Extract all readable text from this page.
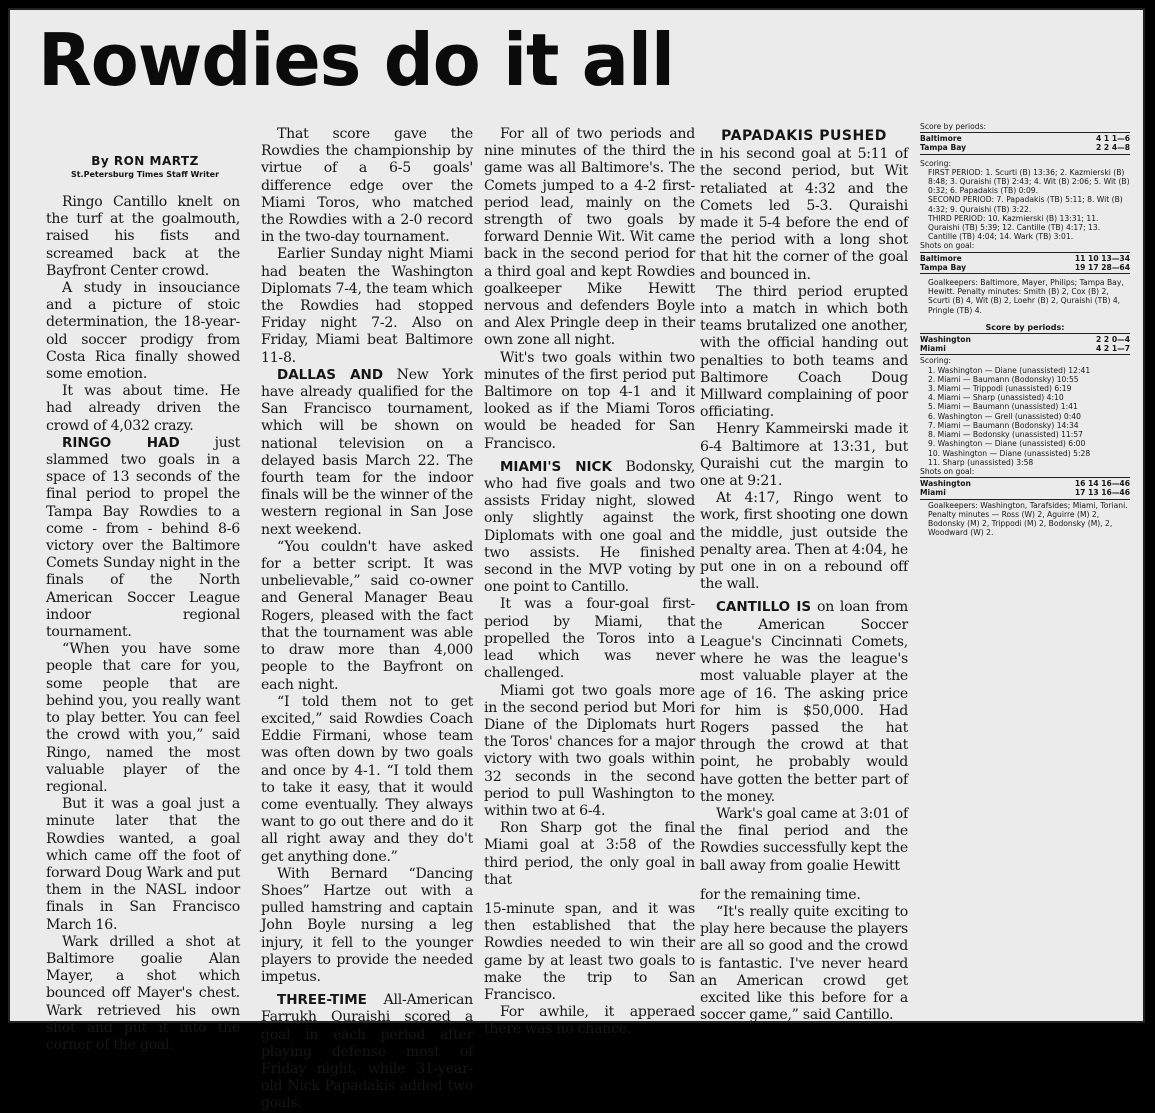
Rowdies do it all
By RON MARTZ
St.Petersburg Times Staff Writer

Ringo Cantillo knelt on the turf at the goalmouth, raised his fists and screamed back at the Bayfront Center crowd.

A study in insouciance and a picture of stoic determination, the 18-year-old soccer prodigy from Costa Rica finally showed some emotion.

It was about time. He had already driven the crowd of 4,032 crazy.

RINGO HAD just slammed two goals in a space of 13 seconds of the final period to propel the Tampa Bay Rowdies to a come - from - behind 8-6 victory over the Baltimore Comets Sunday night in the finals of the North American Soccer League indoor regional tournament.

“When you have some people that care for you, some people that are behind you, you really want to play better. You can feel the crowd with you,” said Ringo, named the most valuable player of the regional.

But it was a goal just a minute later that the Rowdies wanted, a goal which came off the foot of forward Doug Wark and put them in the NASL indoor finals in San Francisco March 16.

Wark drilled a shot at Baltimore goalie Alan Mayer, a shot which bounced off Mayer's chest. Wark retrieved his own shot and put it into the corner of the goal.

That score gave the Rowdies the championship by virtue of a 6-5 goals' difference edge over the Miami Toros, who matched the Rowdies with a 2-0 record in the two-day tournament.

Earlier Sunday night Miami had beaten the Washington Diplomats 7-4, the team which the Rowdies had stopped Friday night 7-2. Also on Friday, Miami beat Baltimore 11-8.

DALLAS AND New York have already qualified for the San Francisco tournament, which will be shown on national television on a delayed basis March 22. The fourth team for the indoor finals will be the winner of the western regional in San Jose next weekend.

“You couldn't have asked for a better script. It was unbelievable,” said co-owner and General Manager Beau Rogers, pleased with the fact that the tournament was able to draw more than 4,000 people to the Bayfront on each night.

“I told them not to get excited,” said Rowdies Coach Eddie Firmani, whose team was often down by two goals and once by 4-1. “I told them to take it easy, that it would come eventually. They always want to go out there and do it all right away and they do't get anything done.”

With Bernard “Dancing Shoes” Hartze out with a pulled hamstring and captain John Boyle nursing a leg injury, it fell to the younger players to provide the needed impetus.

THREE-TIME All-American Farrukh Quraishi scored a goal in each period after playing defense most of Friday night, while 31-year-old Nick Papadakis added two goals.

For all of two periods and nine minutes of the third the game was all Baltimore's. The Comets jumped to a 4-2 first-period lead, mainly on the strength of two goals by forward Dennie Wit. Wit came back in the second period for a third goal and kept Rowdies goalkeeper Mike Hewitt nervous and defenders Boyle and Alex Pringle deep in their own zone all night.

Wit's two goals within two minutes of the first period put Baltimore on top 4-1 and it looked as if the Miami Toros would be headed for San Francisco.

MIAMI'S NICK Bodonsky, who had five goals and two assists Friday night, slowed only slightly against the Diplomats with one goal and two assists. He finished second in the MVP voting by one point to Cantillo.

It was a four-goal first-period by Miami, that propelled the Toros into a lead which was never challenged.

Miami got two goals more in the second period but Mori Diane of the Diplomats hurt the Toros' chances for a major victory with two goals within 32 seconds in the second period to pull Washington to within two at 6-4.

Ron Sharp got the final Miami goal at 3:58 of the third period, the only goal in that

15-minute span, and it was then established that the Rowdies needed to win their game by at least two goals to make the trip to San Francisco.

For awhile, it apperaed there was no chance.

PAPADAKIS PUSHED

in his second goal at 5:11 of the second period, but Wit retaliated at 4:32 and the Comets led 5-3. Quraishi made it 5-4 before the end of the period with a long shot that hit the corner of the goal and bounced in.

The third period erupted into a match in which both teams brutalized one another, with the official handing out penalties to both teams and Baltimore Coach Doug Millward complaining of poor officiating.

Henry Kammeirski made it 6-4 Baltimore at 13:31, but Quraishi cut the margin to one at 9:21.

At 4:17, Ringo went to work, first shooting one down the middle, just outside the penalty area. Then at 4:04, he put one in on a rebound off the wall.

CANTILLO IS on loan from the American Soccer League's Cincinnati Comets, where he was the league's most valuable player at the age of 16. The asking price for him is $50,000. Had Rogers passed the hat through the crowd at that point, he probably would have gotten the better part of the money.

Wark's goal came at 3:01 of the final period and the Rowdies successfully kept the ball away from goalie Hewitt

for the remaining time.

“It's really quite exciting to play here because the players are all so good and the crowd is fantastic. I've never heard an American crowd get excited like this before for a soccer game,” said Cantillo.

Score by periods:
Baltimore	4 1 1—6
Tampa Bay	2 2 4—8
Scoring:
FIRST PERIOD: 1. Scurti (B) 13:36; 2. Kazmierski (B) 8:48; 3. Quraishi (TB) 2:43; 4. Wit (B) 2:06; 5. Wit (B) 0:32; 6. Papadakis (TB) 0:09.
SECOND PERIOD: 7. Papadakis (TB) 5:11; 8. Wit (B) 4:32; 9. Quraishi (TB) 3:22.
THIRD PERIOD: 10. Kazmierski (B) 13:31; 11. Quraishi (TB) 5:39; 12. Cantille (TB) 4:17; 13. Cantille (TB) 4:04; 14. Wark (TB) 3:01.
Shots on goal:
Baltimore	11 10 13—34
Tampa Bay	19 17 28—64
Goalkeepers: Baltimore, Mayer, Philips; Tampa Bay, Hewitt. Penalty minutes: Smith (B) 2, Cox (B) 2, Scurti (B) 4, Wit (B) 2, Loehr (B) 2, Quraishi (TB) 4, Pringle (TB) 4.
Score by periods:
Washington	2 2 0—4
Miami	4 2 1—7
Scoring:
1. Washington — Diane (unassisted) 12:41
2. Miami — Baumann (Bodonsky) 10:55
3. Miami — Trippodi (unassisted) 6:19
4. Miami — Sharp (unassisted) 4:10
5. Miami — Baumann (unassisted) 1:41
6. Washington — Grell (unassisted) 0:40
7. Miami — Baumann (Bodonsky) 14:34
8. Miami — Bodonsky (unassisted) 11:57
9. Washington — Diane (unassisted) 6:00
10. Washington — Diane (unassisted) 5:28
11. Sharp (unassisted) 3:58
Shots on goal:
Washington	16 14 16—46
Miami	17 13 16—46
Goalkeepers: Washington, Tarafsides; Miami, Toriani. Penalty minutes — Ross (W) 2, Aguirre (M) 2, Bodonsky (M) 2, Trippodi (M) 2, Bodonsky (M), 2, Woodward (W) 2.
